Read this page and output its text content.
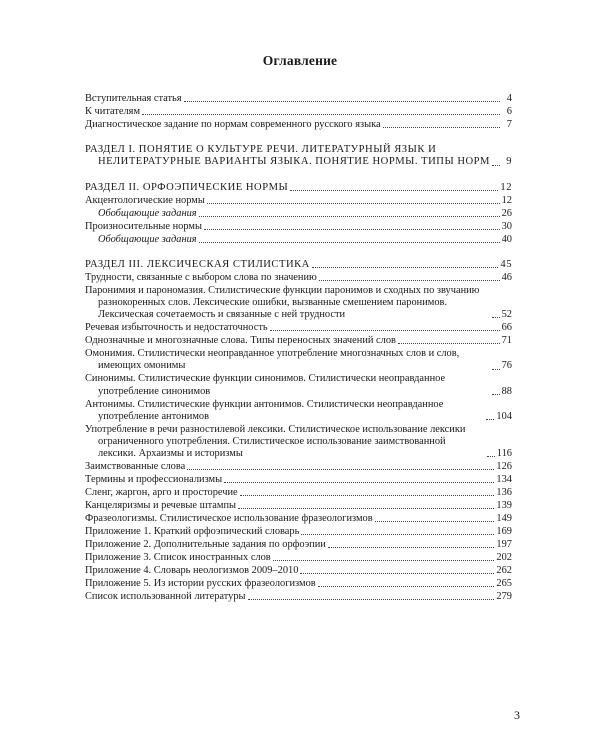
Оглавление
Вступительная статья	4
К читателям	6
Диагностическое задание по нормам современного русского языка	7
РАЗДЕЛ I. ПОНЯТИЕ О КУЛЬТУРЕ РЕЧИ. ЛИТЕРАТУРНЫЙ ЯЗЫК И НЕЛИТЕРАТУРНЫЕ ВАРИАНТЫ ЯЗЫКА. ПОНЯТИЕ НОРМЫ. ТИПЫ НОРМ	9
РАЗДЕЛ II. ОРФОЭПИЧЕСКИЕ НОРМЫ	12
Акцентологические нормы	12
Обобщающие задания	26
Произносительные нормы	30
Обобщающие задания	40
РАЗДЕЛ III. ЛЕКСИЧЕСКАЯ СТИЛИСТИКА	45
Трудности, связанные с выбором слова по значению	46
Паронимия и парономазия. Стилистические функции паронимов и сходных по звучанию разнокоренных слов. Лексические ошибки, вызванные смешением паронимов. Лексическая сочетаемость и связанные с ней трудности	52
Речевая избыточность и недостаточность	66
Однозначные и многозначные слова. Типы переносных значений слов	71
Омонимия. Стилистически неоправданное употребление многозначных слов и слов, имеющих омонимы	76
Синонимы. Стилистические функции синонимов. Стилистически неоправданное употребление синонимов	88
Антонимы. Стилистические функции антонимов. Стилистически неоправданное употребление антонимов	104
Употребление в речи разностилевой лексики. Стилистическое использование лексики ограниченного употребления. Стилистическое использование заимствованной лексики. Архаизмы и историзмы	116
Заимствованные слова	126
Термины и профессионализмы	134
Сленг, жаргон, арго и просторечие	136
Канцеляризмы и речевые штампы	139
Фразеологизмы. Стилистическое использование фразеологизмов	149
Приложение 1. Краткий орфоэпический словарь	169
Приложение 2. Дополнительные задания по орфоэпии	197
Приложение 3. Список иностранных слов	202
Приложение 4. Словарь неологизмов 2009–2010	262
Приложение 5. Из истории русских фразеологизмов	265
Список использованной литературы	279
3
